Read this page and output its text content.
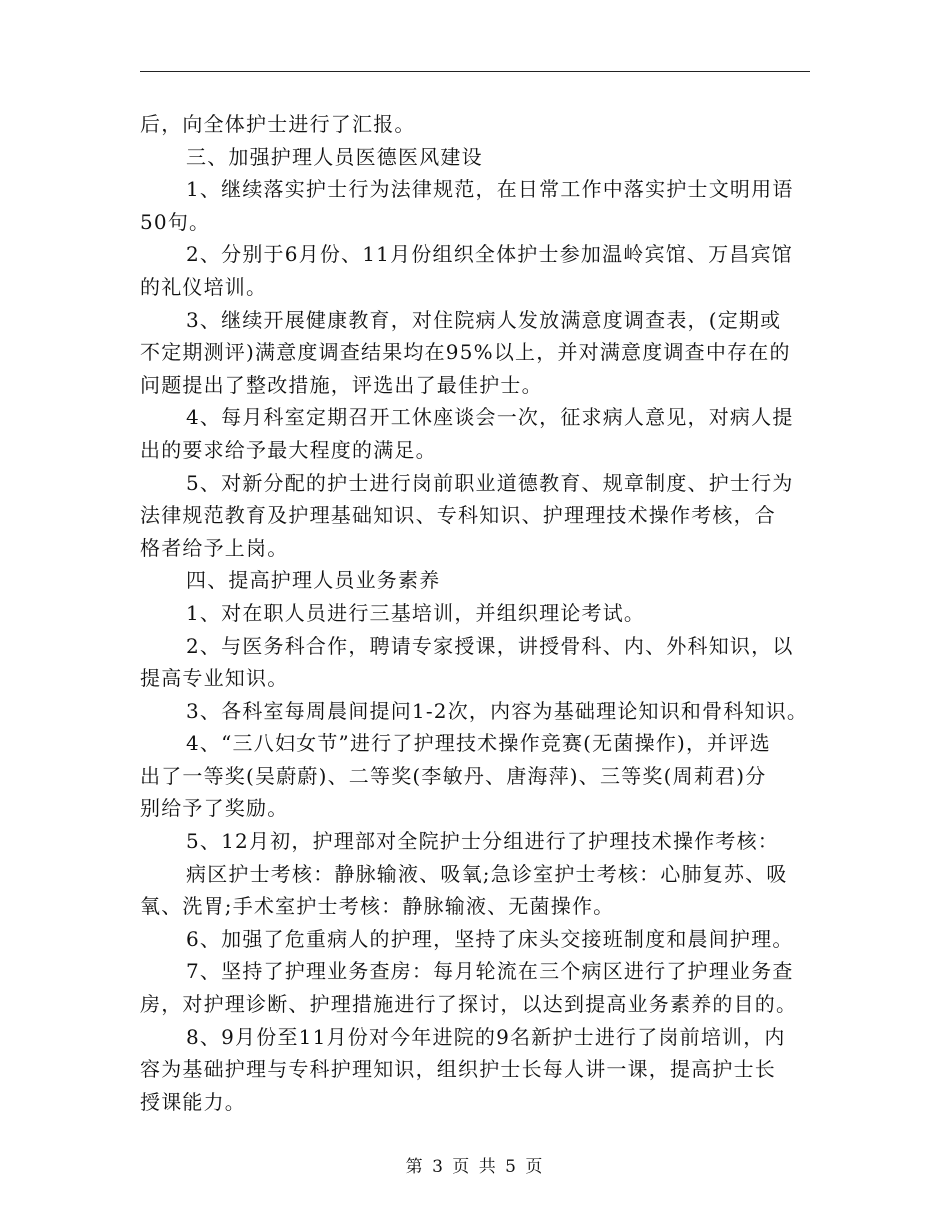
后，向全体护士进行了汇报。
三、加强护理人员医德医风建设
1、继续落实护士行为法律规范，在日常工作中落实护士文明用语
50句。
2、分别于6月份、11月份组织全体护士参加温岭宾馆、万昌宾馆
的礼仪培训。
3、继续开展健康教育，对住院病人发放满意度调查表，(定期或
不定期测评)满意度调查结果均在95%以上，并对满意度调查中存在的
问题提出了整改措施，评选出了最佳护士。
4、每月科室定期召开工休座谈会一次，征求病人意见，对病人提
出的要求给予最大程度的满足。
5、对新分配的护士进行岗前职业道德教育、规章制度、护士行为
法律规范教育及护理基础知识、专科知识、护理理技术操作考核，合
格者给予上岗。
四、提高护理人员业务素养
1、对在职人员进行三基培训，并组织理论考试。
2、与医务科合作，聘请专家授课，讲授骨科、内、外科知识，以
提高专业知识。
3、各科室每周晨间提问1-2次，内容为基础理论知识和骨科知识。
4、“三八妇女节”进行了护理技术操作竞赛(无菌操作)，并评选
出了一等奖(吴蔚蔚)、二等奖(李敏丹、唐海萍)、三等奖(周莉君)分
别给予了奖励。
5、12月初，护理部对全院护士分组进行了护理技术操作考核：
病区护士考核：静脉输液、吸氧;急诊室护士考核：心肺复苏、吸
氧、洗胃;手术室护士考核：静脉输液、无菌操作。
6、加强了危重病人的护理，坚持了床头交接班制度和晨间护理。
7、坚持了护理业务查房：每月轮流在三个病区进行了护理业务查
房，对护理诊断、护理措施进行了探讨，以达到提高业务素养的目的。
8、9月份至11月份对今年进院的9名新护士进行了岗前培训，内
容为基础护理与专科护理知识，组织护士长每人讲一课，提高护士长
授课能力。
第 3 页 共 5 页
